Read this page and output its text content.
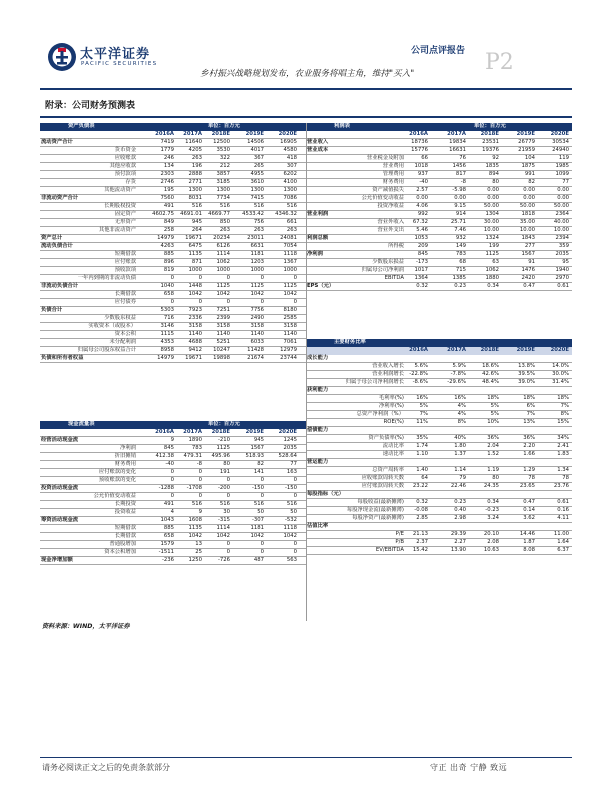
太平洋证券
PACIFIC SECURITIES
公司点评报告 P2
乡村振兴战略规划发布，农业服务将唱主角，维持"买入"
附录：公司财务预测表
资产负债表	单位：百万元
2016A 2017A 2018E	2019E	2020E
流动资产合计	7419 11640 12500	14506	16905
货币资金	1779	4205	3530	4017	4580
应收账款	246	263	322	367	418
其他应收款	134	196	212	265	307
预付款项	2303	2888	3857	4955	6202
存货	2746	2771	3185	3610	4100
其他流动资产	195	1300	1300	1300	1300
非流动资产合计	7560	8031	7734	7415	7086
长期股权投资	491	516	516	516	516
固定资产	4602.75 4691.01 4669.77 4533.42 4346.32
无形资产	849	945	850	756	661
其他非流动资产	258	264	263	263	263
资产总计	14979 19671 20234	23011	24081
流动负债合计	4263	6475	6126	6631	7054
短期借款	885	1135	1114	1181	1118
应付账款	896	871	1062	1203	1367
预收款项	819	1000	1000	1000	1000
一年内到期的非流动负债	0	0	0	0	0
非流动负债合计	1040	1448	1125	1125	1125
长期借款	658	1042	1042	1042	1042
应付债券	0	0	0	0	0
负债合计	5303	7923	7251	7756	8180
少数股东权益	716	2336	2399	2490	2585
实收资本（或股本）	3146	3158	3158	3158	3158
资本公积	1115	1140	1140	1140	1140
未分配利润	4353	4688	5251	6033	7061
归属母公司股东权益合计	8958	9412 10247	11428	12979
负债和所有者权益	14979 19671 19898	21674	23744
现金流量表	单位：百万元
2016A 2017A 2018E	2019E	2020E
经营活动现金流	9	1890	-210	945	1245
净利润	845	783	1125	1567	2035
折旧摊销	412.38 479.31 495.96	518.93	528.64
财务费用	-40	-8	80	82	77
应付账款的变化	0	0	191	141	163
预收账款的变化	0	0	0	0	0
投资活动现金流	-1288 -1708	-200	-150	-150
公允价值变动收益	0	0	0	0	0
长期投资	491	516	516	516	516
投资收益	4	9	30	50	50
筹资活动现金流	1043	1608	-315	-307	-532
短期借款	885	1135	1114	1181	1118
长期借款	658	1042	1042	1042	1042
普通股增加	1579	13	0	0	0
资本公积增加	-1511	25	0	0	0
现金净增加额	-236	1250	-726	487	563
利润表	单位：百万元
2016A	2017A	2018E	2019E	2020E
营业收入	18736	19834	23531	26779	30534
营业成本	15776	16631	19376	21959	24940
营业税金及附加	66	76	92	104	119
营业费用 1018	1456	1835	1875	1985
管理费用	937	817	894	991	1099
财务费用	-40	-8	80	82	77
资产减值损失 2.57	-5.98	0.00	0.00	0.00
公允价值变动收益 0.00	0.00	0.00	0.00	0.00
投资净收益 4.06	9.15	50.00	50.00	50.00
营业利润	992	914	1304	1818	2364
营业外收入 67.32	25.71	30.00	35.00	40.00
营业外支出 5.46	7.46	10.00	10.00	10.00
利润总额	1053	932	1324	1843	2394
所得税	209	149	199	277	359
净利润	845	783	1125	1567	2035
少数股东损益 -173	68	63	91	95
归属母公司净利润 1017	715	1062	1476	1940
EBITDA 1364	1385	1880	2420	2970
EPS（元）	0.32	0.23	0.34	0.47	0.61
主要财务比率
2016A	2017A	2018E	2019E	2020E
成长能力
营业收入增长 5.6%	5.9%	18.6%	13.8%	14.0%
营业利润增长 -22.8%	-7.8%	42.6%	39.5%	30.0%
归属于母公司净利润增长 -8.6%	-29.6%	48.4%	39.0%	31.4%
获利能力
毛利率(%) 16%	16%	18%	18%	18%
净利率(%)	5%	4%	5%	6%	7%
总资产净利润（%）	7%	4%	5%	7%	8%
ROE(%) 11%	8%	10%	13%	15%
偿债能力
资产负债率(%) 35%	40%	36%	36%	34%
流动比率 1.74	1.80	2.04	2.20	2.41
速动比率 1.10	1.37	1.52	1.66	1.83
营运能力
总资产周转率 1.40	1.14	1.19	1.29	1.34
应收账款周转天数	64	79	80	78	78
应付账款周转天数 23.22	22.46	24.35	23.65	23.76
每股指标（元）
每股收益(最新摊薄) 0.32	0.23	0.34	0.47	0.61
每股净现金流(最新摊薄) -0.08	0.40	-0.23	0.14	0.16
每股净资产(最新摊薄) 2.85	2.98	3.24	3.62	4.11
估值比率
P/E 21.13	29.39	20.10	14.46	11.00
P/B 2.37	2.27	2.08	1.87	1.64
EV/EBITDA 15.42	13.90	10.63	8.08	6.37
资料来源：WIND，太平洋证券
请务必阅读正文之后的免责条款部分	守正 出奇 宁静 致远
